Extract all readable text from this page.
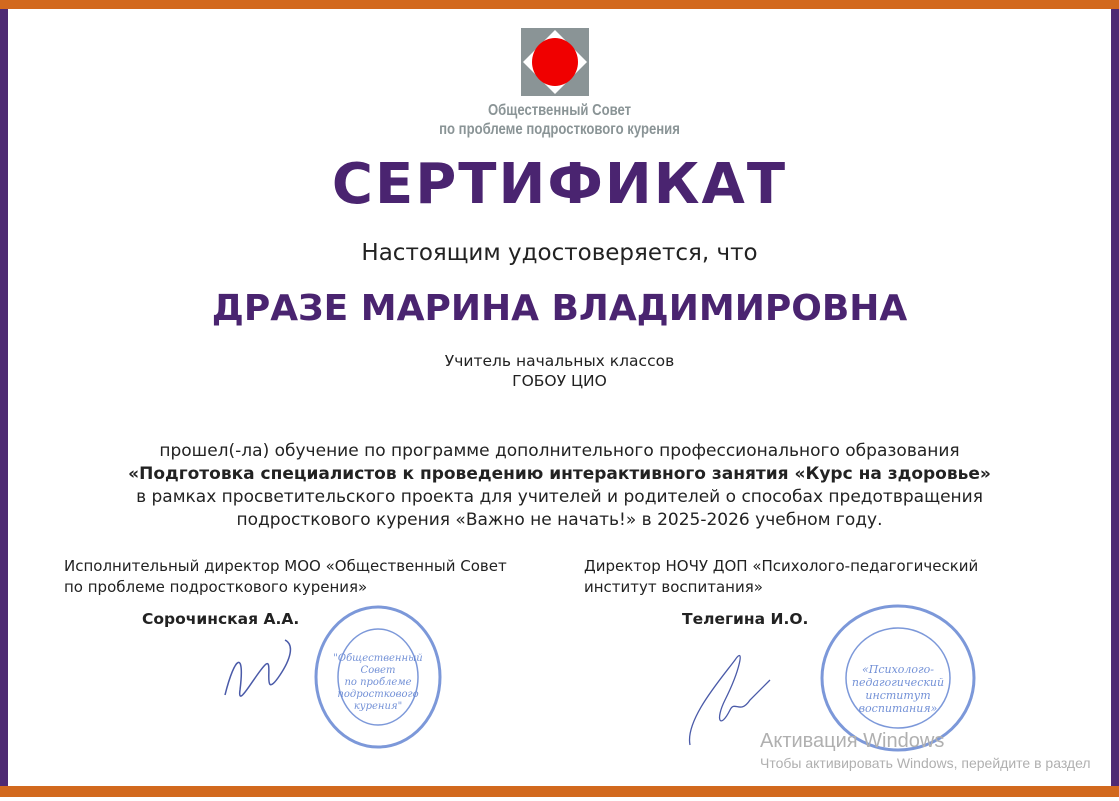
Общественный Совет
по проблеме подросткового курения
СЕРТИФИКАТ
Настоящим удостоверяется, что
ДРАЗЕ МАРИНА ВЛАДИМИРОВНА
Учитель начальных классов
ГОБОУ ЦИО
прошел(-ла) обучение по программе дополнительного профессионального образования
«Подготовка специалистов к проведению интерактивного занятия «Курс на здоровье»
в рамках просветительского проекта для учителей и родителей о способах предотвращения
подросткового курения «Важно не начать!» в 2025-2026 учебном году.
Исполнительный директор МОО «Общественный Совет
по проблеме подросткового курения»
Сорочинская А.А.
"Общественный
Совет
по проблеме
подросткового
курения"
Директор НОЧУ ДОП «Психолого-педагогический
институт воспитания»
Телегина И.О.
«Психолого-
педагогический
институт
воспитания»
Активация Windows
Чтобы активировать Windows, перейдите в раздел
